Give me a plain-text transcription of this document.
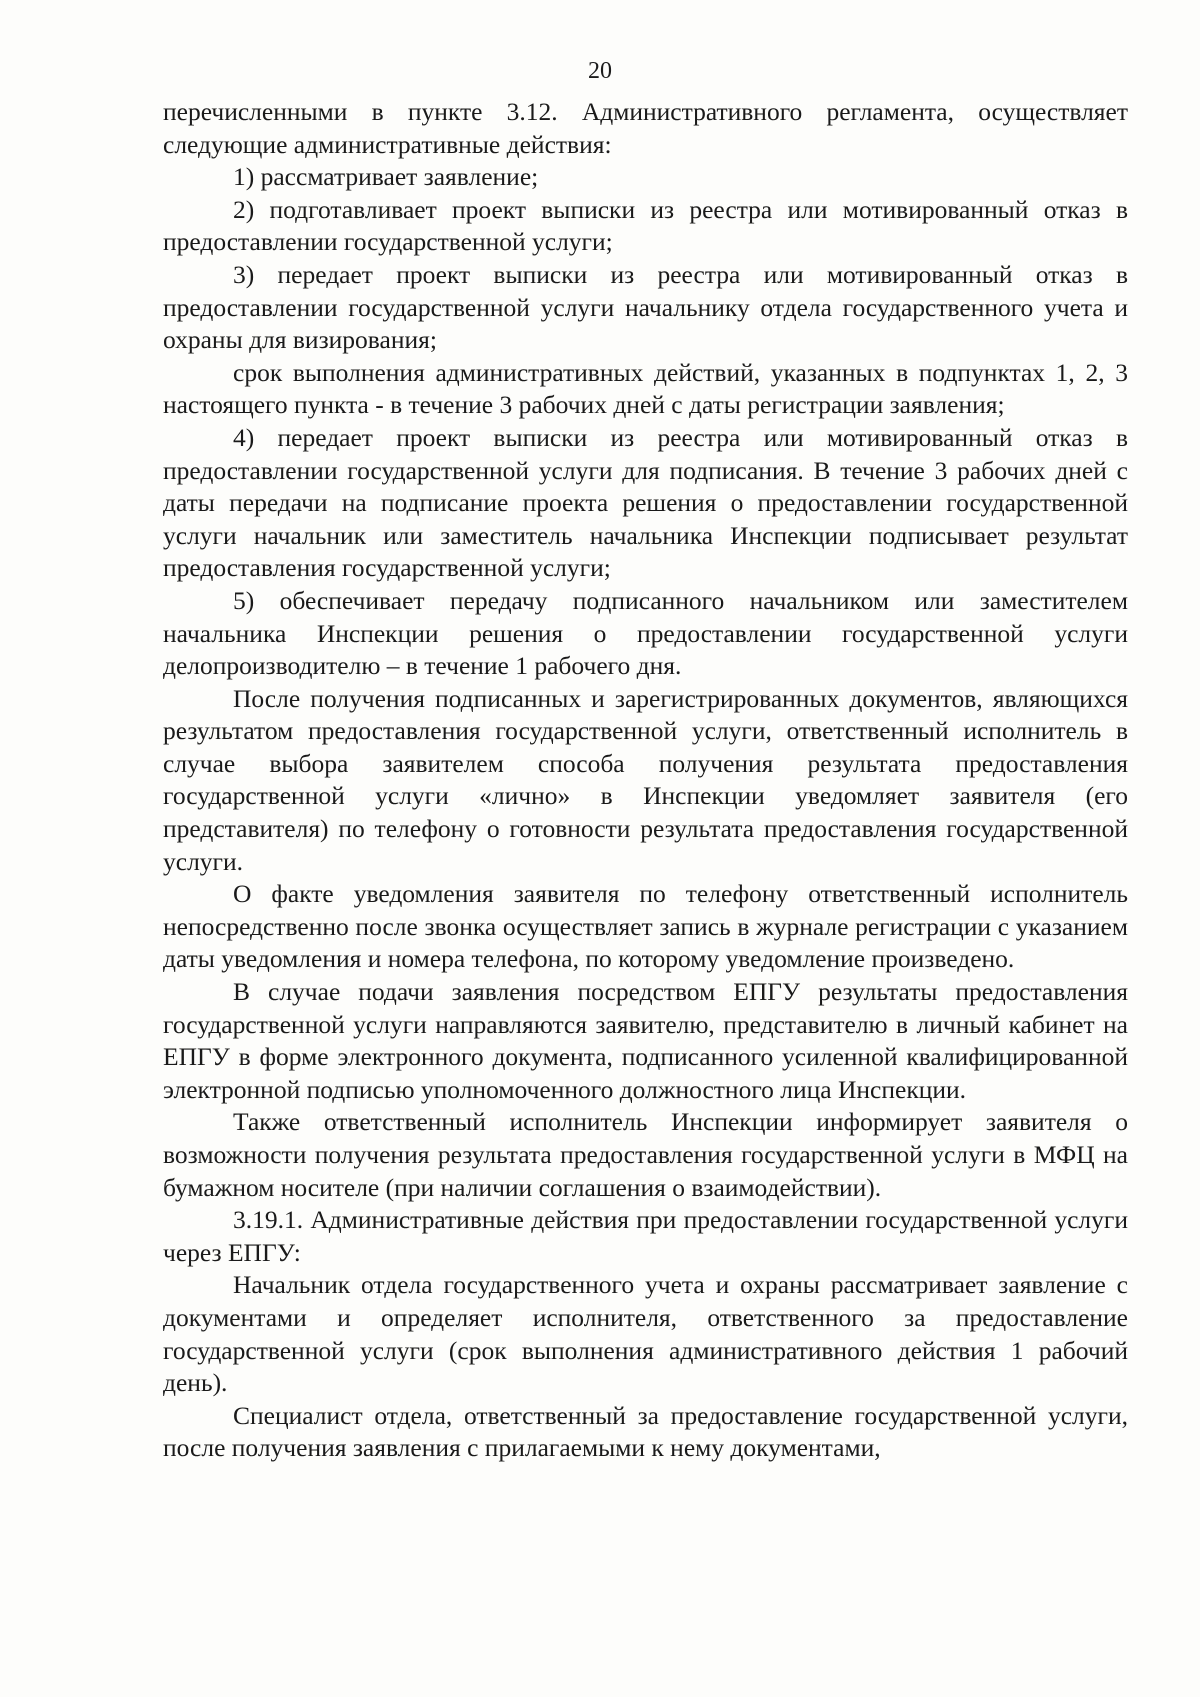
20

перечисленными в пункте 3.12. Административного регламента, осуществляет следующие административные действия:

1) рассматривает заявление;

2) подготавливает проект выписки из реестра или мотивированный отказ в предоставлении государственной услуги;

3) передает проект выписки из реестра или мотивированный отказ в предоставлении государственной услуги начальнику отдела государственного учета и охраны для визирования;

срок выполнения административных действий, указанных в подпунктах 1, 2, 3 настоящего пункта - в течение 3 рабочих дней с даты регистрации заявления;

4) передает проект выписки из реестра или мотивированный отказ в предоставлении государственной услуги для подписания. В течение 3 рабочих дней с даты передачи на подписание проекта решения о предоставлении государственной услуги начальник или заместитель начальника Инспекции подписывает результат предоставления государственной услуги;

5) обеспечивает передачу подписанного начальником или заместителем начальника Инспекции решения о предоставлении государственной услуги делопроизводителю – в течение 1 рабочего дня.

После получения подписанных и зарегистрированных документов, являющихся результатом предоставления государственной услуги, ответственный исполнитель в случае выбора заявителем способа получения результата предоставления государственной услуги «лично» в Инспекции уведомляет заявителя (его представителя) по телефону о готовности результата предоставления государственной услуги.

О факте уведомления заявителя по телефону ответственный исполнитель непосредственно после звонка осуществляет запись в журнале регистрации с указанием даты уведомления и номера телефона, по которому уведомление произведено.

В случае подачи заявления посредством ЕПГУ результаты предоставления государственной услуги направляются заявителю, представителю в личный кабинет на ЕПГУ в форме электронного документа, подписанного усиленной квалифицированной электронной подписью уполномоченного должностного лица Инспекции.

Также ответственный исполнитель Инспекции информирует заявителя о возможности получения результата предоставления государственной услуги в МФЦ на бумажном носителе (при наличии соглашения о взаимодействии).

3.19.1. Административные действия при предоставлении государственной услуги через ЕПГУ:

Начальник отдела государственного учета и охраны рассматривает заявление с документами и определяет исполнителя, ответственного за предоставление государственной услуги (срок выполнения административного действия 1 рабочий день).

Специалист отдела, ответственный за предоставление государственной услуги, после получения заявления с прилагаемыми к нему документами,
